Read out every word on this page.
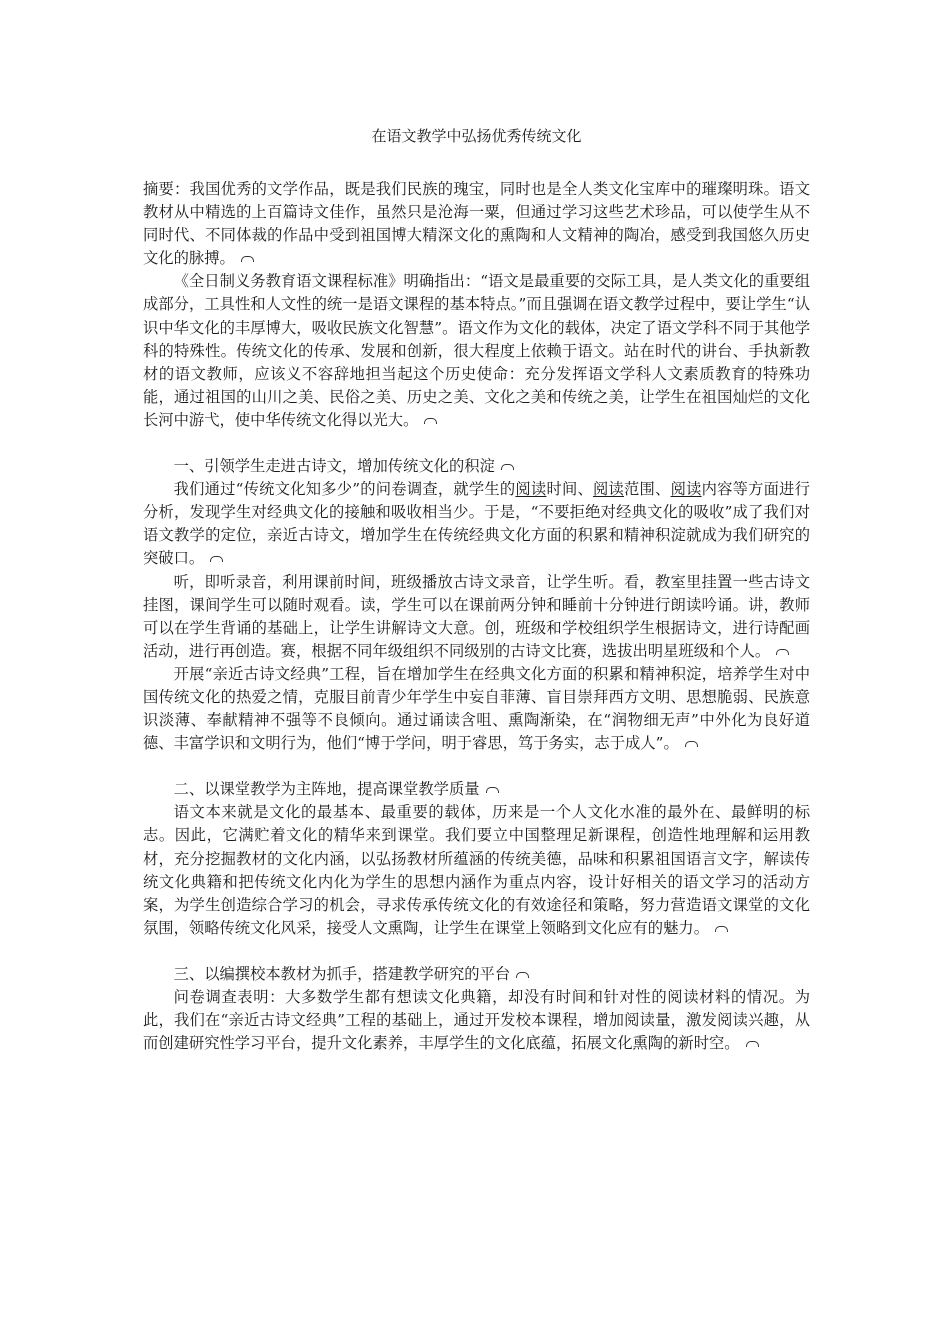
在语文教学中弘扬优秀传统文化

摘要：我国优秀的文学作品，既是我们民族的瑰宝，同时也是全人类文化宝库中的璀璨明珠。语文教材从中精选的上百篇诗文佳作，虽然只是沧海一粟，但通过学习这些艺术珍品，可以使学生从不同时代、不同体裁的作品中受到祖国博大精深文化的熏陶和人文精神的陶冶，感受到我国悠久历史文化的脉搏。

《全日制义务教育语文课程标准》明确指出：“语文是最重要的交际工具，是人类文化的重要组成部分，工具性和人文性的统一是语文课程的基本特点。”而且强调在语文教学过程中，要让学生“认识中华文化的丰厚博大，吸收民族文化智慧”。语文作为文化的载体，决定了语文学科不同于其他学科的特殊性。传统文化的传承、发展和创新，很大程度上依赖于语文。站在时代的讲台、手执新教材的语文教师，应该义不容辞地担当起这个历史使命：充分发挥语文学科人文素质教育的特殊功能，通过祖国的山川之美、民俗之美、历史之美、文化之美和传统之美，让学生在祖国灿烂的文化长河中游弋，使中华传统文化得以光大。

一、引领学生走进古诗文，增加传统文化的积淀

我们通过“传统文化知多少”的问卷调查，就学生的阅读时间、阅读范围、阅读内容等方面进行分析，发现学生对经典文化的接触和吸收相当少。于是，“不要拒绝对经典文化的吸收”成了我们对语文教学的定位，亲近古诗文，增加学生在传统经典文化方面的积累和精神积淀就成为我们研究的突破口。

听，即听录音，利用课前时间，班级播放古诗文录音，让学生听。看，教室里挂置一些古诗文挂图，课间学生可以随时观看。读，学生可以在课前两分钟和睡前十分钟进行朗读吟诵。讲，教师可以在学生背诵的基础上，让学生讲解诗文大意。创，班级和学校组织学生根据诗文，进行诗配画活动，进行再创造。赛，根据不同年级组织不同级别的古诗文比赛，选拔出明星班级和个人。

开展“亲近古诗文经典”工程，旨在增加学生在经典文化方面的积累和精神积淀，培养学生对中国传统文化的热爱之情，克服目前青少年学生中妄自菲薄、盲目崇拜西方文明、思想脆弱、民族意识淡薄、奉献精神不强等不良倾向。通过诵读含咀、熏陶渐染，在“润物细无声”中外化为良好道德、丰富学识和文明行为，他们“博于学问，明于睿思，笃于务实，志于成人”。

二、以课堂教学为主阵地，提高课堂教学质量

语文本来就是文化的最基本、最重要的载体，历来是一个人文化水准的最外在、最鲜明的标志。因此，它满贮着文化的精华来到课堂。我们要立中国整理足新课程，创造性地理解和运用教材，充分挖掘教材的文化内涵，以弘扬教材所蕴涵的传统美德，品味和积累祖国语言文字，解读传统文化典籍和把传统文化内化为学生的思想内涵作为重点内容，设计好相关的语文学习的活动方案，为学生创造综合学习的机会，寻求传承传统文化的有效途径和策略，努力营造语文课堂的文化氛围，领略传统文化风采，接受人文熏陶，让学生在课堂上领略到文化应有的魅力。

三、以编撰校本教材为抓手，搭建教学研究的平台

问卷调查表明：大多数学生都有想读文化典籍，却没有时间和针对性的阅读材料的情况。为此，我们在“亲近古诗文经典”工程的基础上，通过开发校本课程，增加阅读量，激发阅读兴趣，从而创建研究性学习平台，提升文化素养，丰厚学生的文化底蕴，拓展文化熏陶的新时空。
